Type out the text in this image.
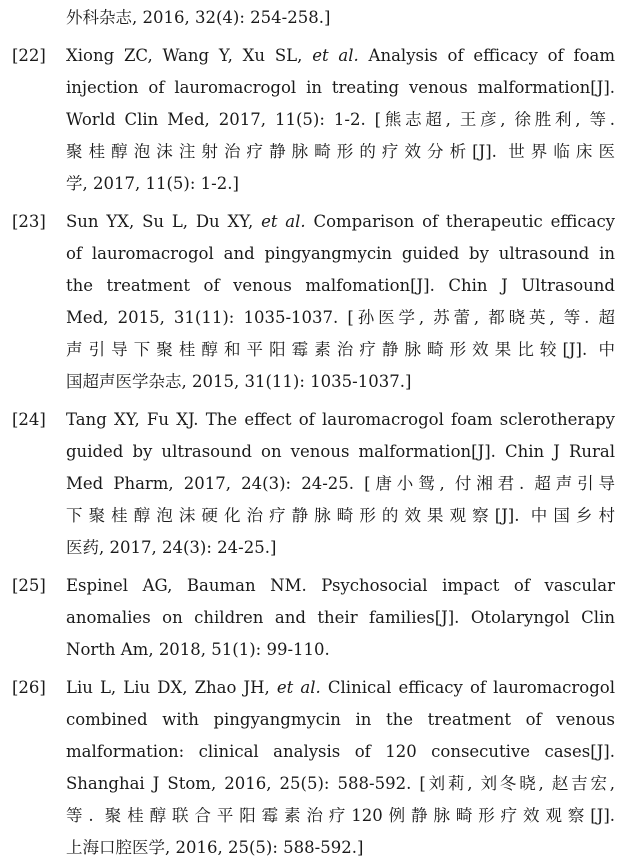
外科杂志, 2016, 32(4): 254-258.]
[22] Xiong ZC, Wang Y, Xu SL, et al. Analysis of efficacy of foam
injection of lauromacrogol in treating venous malformation[J].
World Clin Med, 2017, 11(5): 1-2. [熊志超, 王彦, 徐胜利, 等.
聚桂醇泡沫注射治疗静脉畸形的疗效分析[J]. 世界临床医
学, 2017, 11(5): 1-2.]
[23] Sun YX, Su L, Du XY, et al. Comparison of therapeutic efficacy
of lauromacrogol and pingyangmycin guided by ultrasound in
the treatment of venous malfomation[J]. Chin J Ultrasound
Med, 2015, 31(11): 1035-1037. [孙医学, 苏蕾, 都晓英, 等. 超
声引导下聚桂醇和平阳霉素治疗静脉畸形效果比较[J]. 中
国超声医学杂志, 2015, 31(11): 1035-1037.]
[24] Tang XY, Fu XJ. The effect of lauromacrogol foam sclerotherapy
guided by ultrasound on venous malformation[J]. Chin J Rural
Med Pharm, 2017, 24(3): 24-25. [唐小鸳, 付湘君. 超声引导
下聚桂醇泡沫硬化治疗静脉畸形的效果观察[J]. 中国乡村
医药, 2017, 24(3): 24-25.]
[25] Espinel AG, Bauman NM. Psychosocial impact of vascular
anomalies on children and their families[J]. Otolaryngol Clin
North Am, 2018, 51(1): 99-110.
[26] Liu L, Liu DX, Zhao JH, et al. Clinical efficacy of lauromacrogol
combined with pingyangmycin in the treatment of venous
malformation: clinical analysis of 120 consecutive cases[J].
Shanghai J Stom, 2016, 25(5): 588-592. [刘莉, 刘冬晓, 赵吉宏,
等. 聚桂醇联合平阳霉素治疗120例静脉畸形疗效观察[J].
上海口腔医学, 2016, 25(5): 588-592.]
